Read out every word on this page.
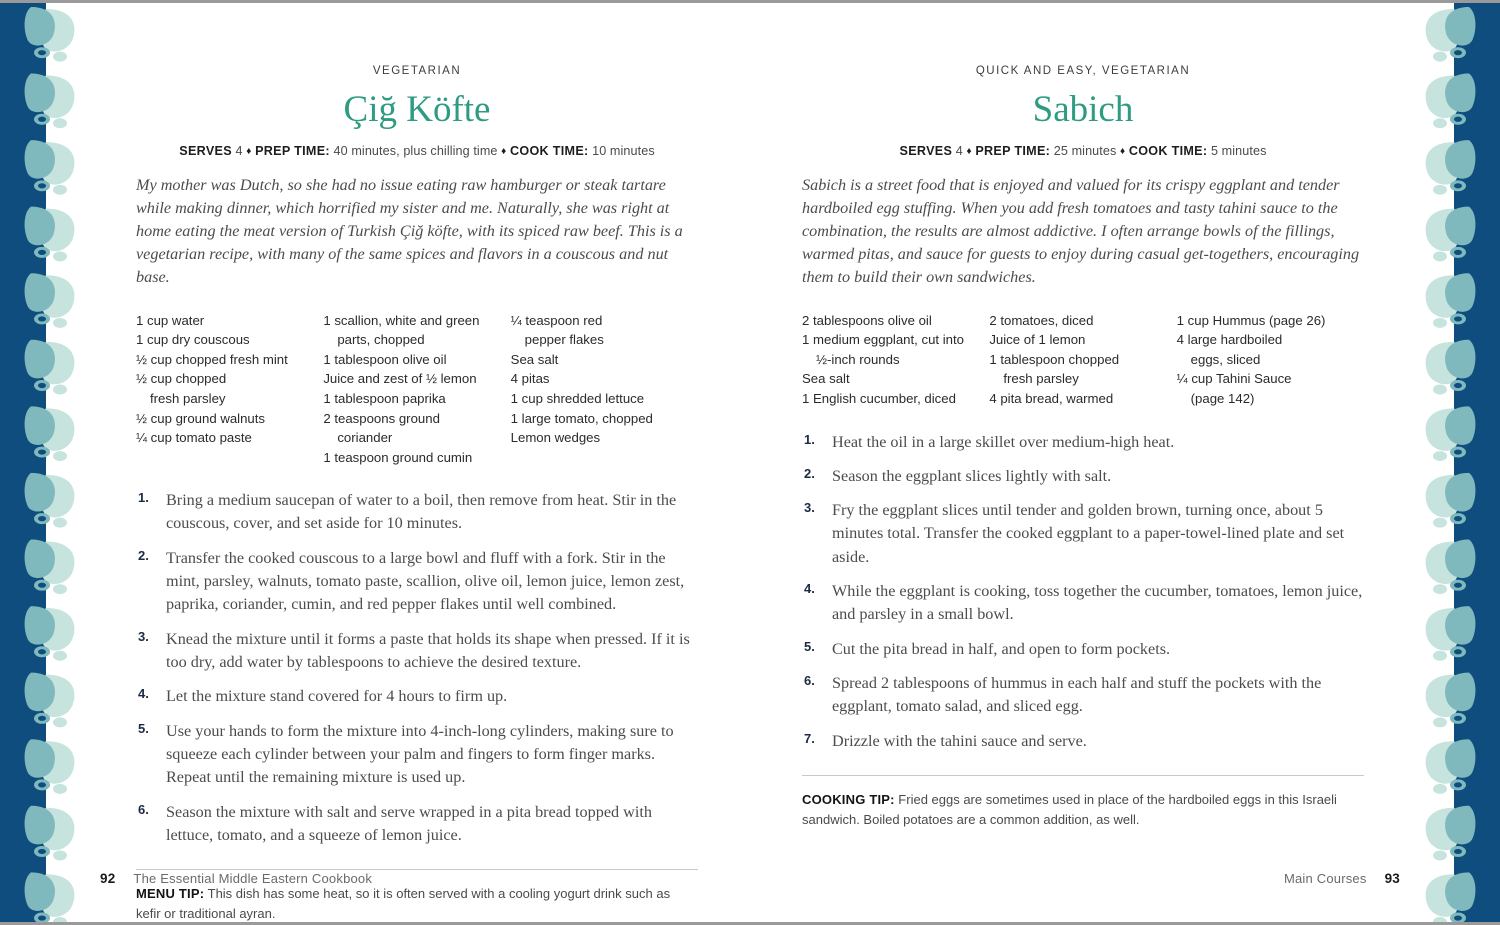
VEGETARIAN
Çiğ Köfte
SERVES 4 ♦ PREP TIME: 40 minutes, plus chilling time ♦ COOK TIME: 10 minutes

My mother was Dutch, so she had no issue eating raw hamburger or steak tartare while making dinner, which horrified my sister and me. Naturally, she was right at home eating the meat version of Turkish Çiğ köfte, with its spiced raw beef. This is a vegetarian recipe, with many of the same spices and flavors in a couscous and nut base.

1 cup water
1 cup dry couscous
½ cup chopped fresh mint
½ cup chopped
fresh parsley
½ cup ground walnuts
¼ cup tomato paste
1 scallion, white and green
parts, chopped
1 tablespoon olive oil
Juice and zest of ½ lemon
1 tablespoon paprika
2 teaspoons ground
coriander
1 teaspoon ground cumin
¼ teaspoon red
pepper flakes
Sea salt
4 pitas
1 cup shredded lettuce
1 large tomato, chopped
Lemon wedges
Bring a medium saucepan of water to a boil, then remove from heat. Stir in the couscous, cover, and set aside for 10 minutes.
Transfer the cooked couscous to a large bowl and fluff with a fork. Stir in the mint, parsley, walnuts, tomato paste, scallion, olive oil, lemon juice, lemon zest, paprika, coriander, cumin, and red pepper flakes until well combined.
Knead the mixture until it forms a paste that holds its shape when pressed. If it is too dry, add water by tablespoons to achieve the desired texture.
Let the mixture stand covered for 4 hours to firm up.
Use your hands to form the mixture into 4-inch-long cylinders, making sure to squeeze each cylinder between your palm and fingers to form finger marks. Repeat until the remaining mixture is used up.
Season the mixture with salt and serve wrapped in a pita bread topped with lettuce, tomato, and a squeeze of lemon juice.
MENU TIP: This dish has some heat, so it is often served with a cooling yogurt drink such as kefir or traditional ayran.
92 The Essential Middle Eastern Cookbook
QUICK AND EASY, VEGETARIAN
Sabich
SERVES 4 ♦ PREP TIME: 25 minutes ♦ COOK TIME: 5 minutes

Sabich is a street food that is enjoyed and valued for its crispy eggplant and tender hardboiled egg stuffing. When you add fresh tomatoes and tasty tahini sauce to the combination, the results are almost addictive. I often arrange bowls of the fillings, warmed pitas, and sauce for guests to enjoy during casual get-togethers, encouraging them to build their own sandwiches.

2 tablespoons olive oil
1 medium eggplant, cut into
½-inch rounds
Sea salt
1 English cucumber, diced
2 tomatoes, diced
Juice of 1 lemon
1 tablespoon chopped
fresh parsley
4 pita bread, warmed
1 cup Hummus (page 26)
4 large hardboiled
eggs, sliced
¼ cup Tahini Sauce
(page 142)
Heat the oil in a large skillet over medium-high heat.
Season the eggplant slices lightly with salt.
Fry the eggplant slices until tender and golden brown, turning once, about 5 minutes total. Transfer the cooked eggplant to a paper-towel-lined plate and set aside.
While the eggplant is cooking, toss together the cucumber, tomatoes, lemon juice, and parsley in a small bowl.
Cut the pita bread in half, and open to form pockets.
Spread 2 tablespoons of hummus in each half and stuff the pockets with the eggplant, tomato salad, and sliced egg.
Drizzle with the tahini sauce and serve.
COOKING TIP: Fried eggs are sometimes used in place of the hardboiled eggs in this Israeli sandwich. Boiled potatoes are a common addition, as well.
Main Courses 93
